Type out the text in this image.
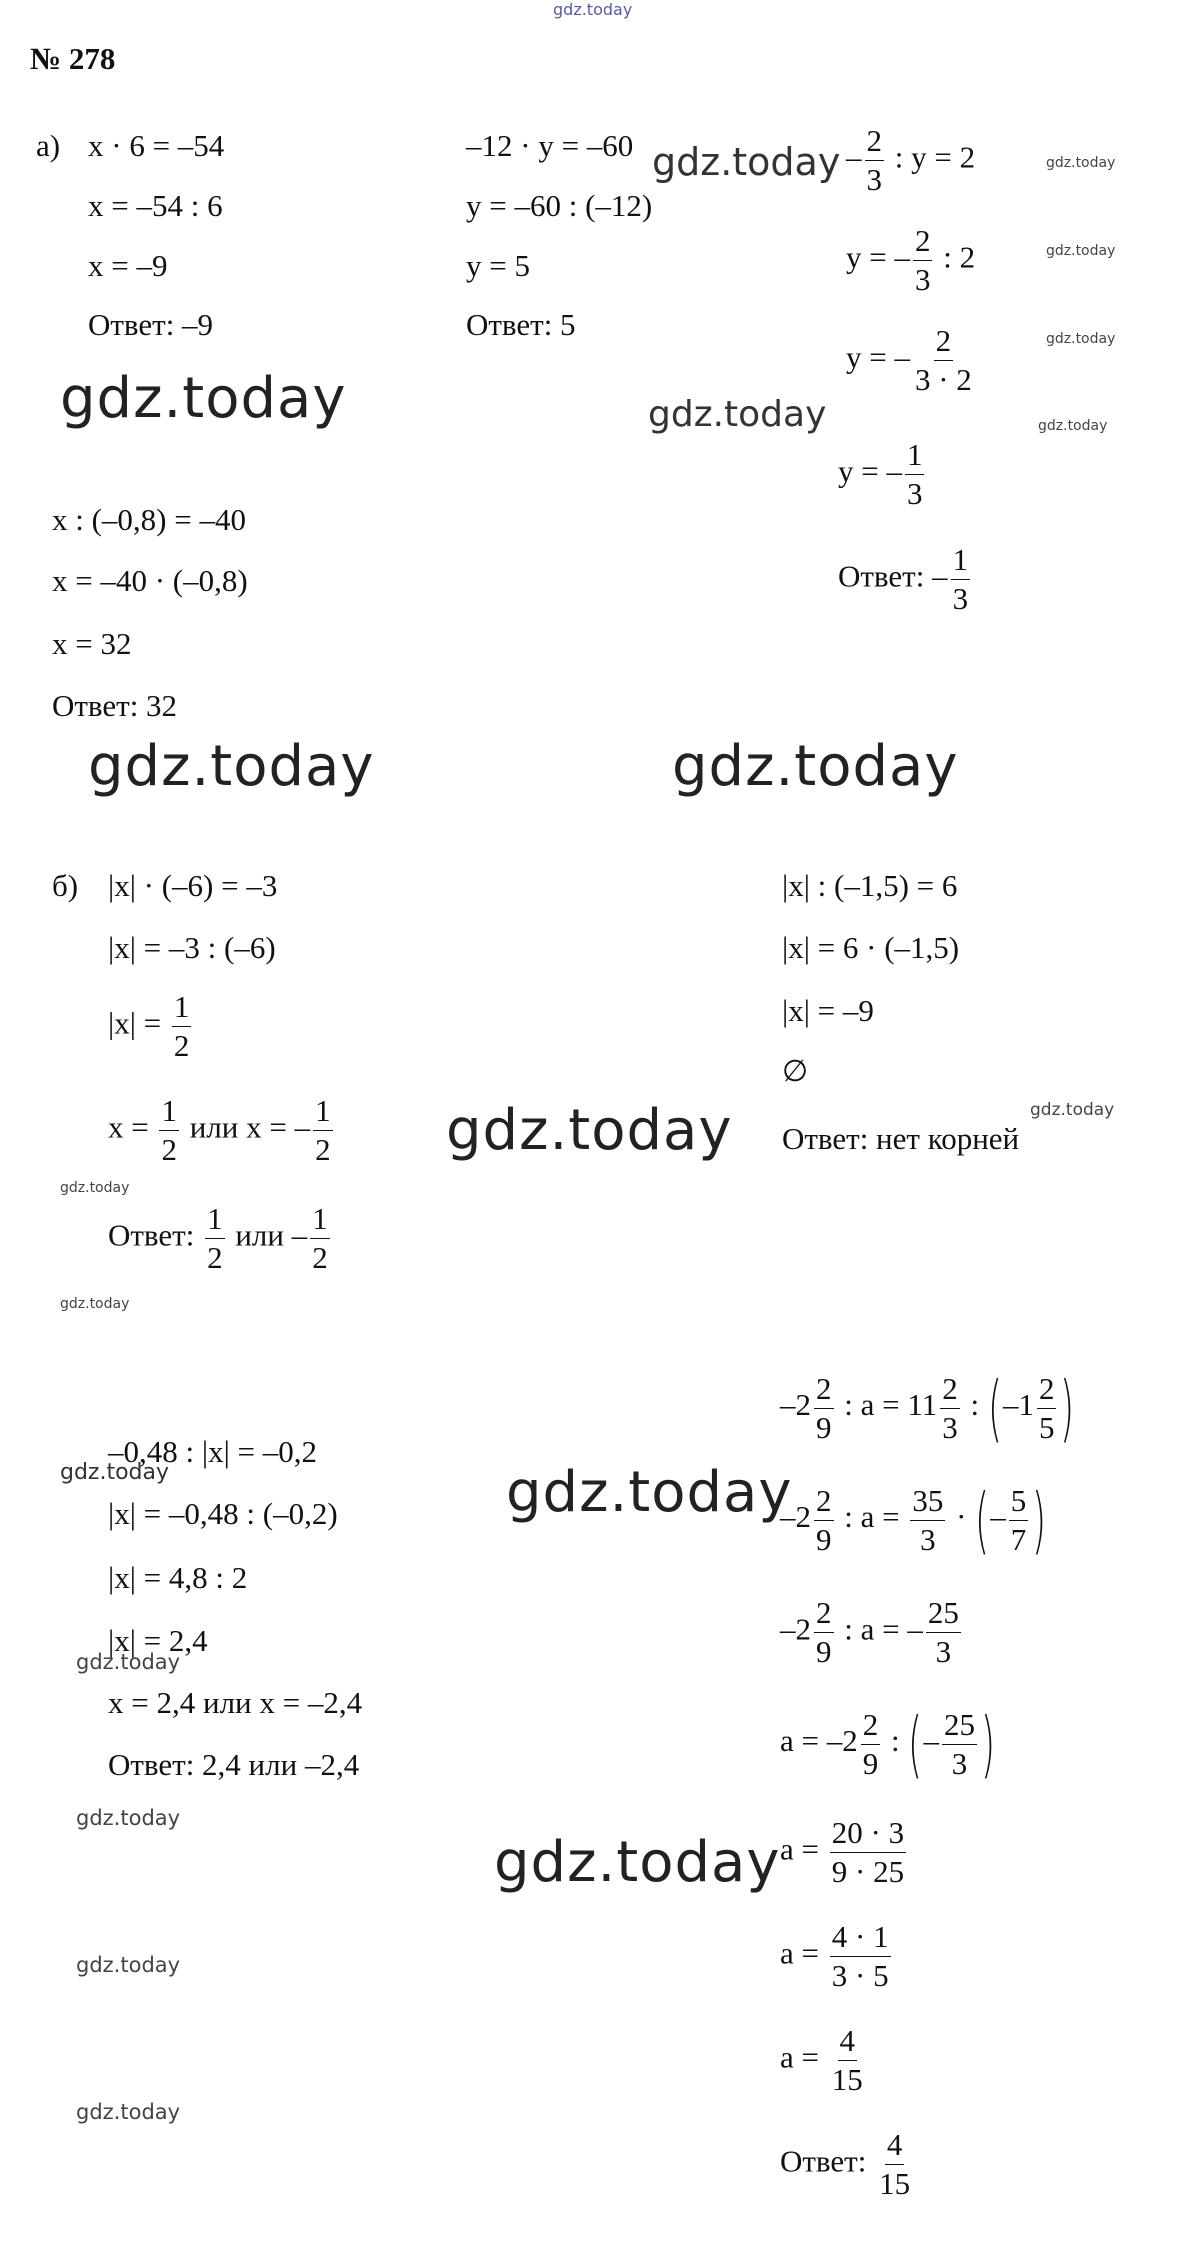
gdz.today
gdz.today	gdz.today
gdz.today
gdz.today	gdz.today
gdz.today
gdz.today
gdz.today
gdz.today
gdz.today
gdz.today
gdz.today
gdz.today
gdz.today
gdz.today
gdz.today
gdz.today
gdz.today
gdz.today
gdz.today
№ 278
а) x · 6 = –54
x = –54 : 6
x = –9
Ответ: –9
–12 · y = –60
y = –60 : (–12)
y = 5
Ответ: 5
– $\frac{2}{3}$ : y = 2
y = – $\frac{2}{3}$ : 2
y = – $\frac{2}{3 \cdot 2}$
y = – $\frac{1}{3}$
Ответ: – $\frac{1}{3}$
x : (–0,8) = –40
x = –40 · (–0,8)
x = 32
Ответ: 32
б) |x| · (–6) = –3
|x| = –3 : (–6)
$|x| = \frac{1}{2}$
$x = \frac{1}{2}$ или x = – $\frac{1}{2}$
Ответ: $\frac{1}{2}$ или – $\frac{1}{2}$
|x| : (–1,5) = 6
|x| = 6 · (–1,5)
|x| = –9
∅
Ответ: нет корней
–0,48 : |x| = –0,2
|x| = –0,48 : (–0,2)
|x| = 4,8 : 2
|x| = 2,4
x = 2,4 или x = –2,4
Ответ: 2,4 или –2,4
$-2 \frac{2}{9}$ : $a = 11 \frac{2}{3}$ : ($-1 \frac{2}{5}$ )
$-2 \frac{2}{9}$ : $a = \frac{35}{3}$ · (– $\frac{5}{7}$ )
$-2 \frac{2}{9}$ : a = – $\frac{25}{3}$
$a = -2 \frac{2}{9}$ : (– $\frac{25}{3}$ )
$a = \frac{20 \cdot 3}{9 \cdot 25}$
$a = \frac{4 \cdot 1}{3 \cdot 5}$
$a = \frac{4}{15}$
Ответ: $\frac{4}{15}$
